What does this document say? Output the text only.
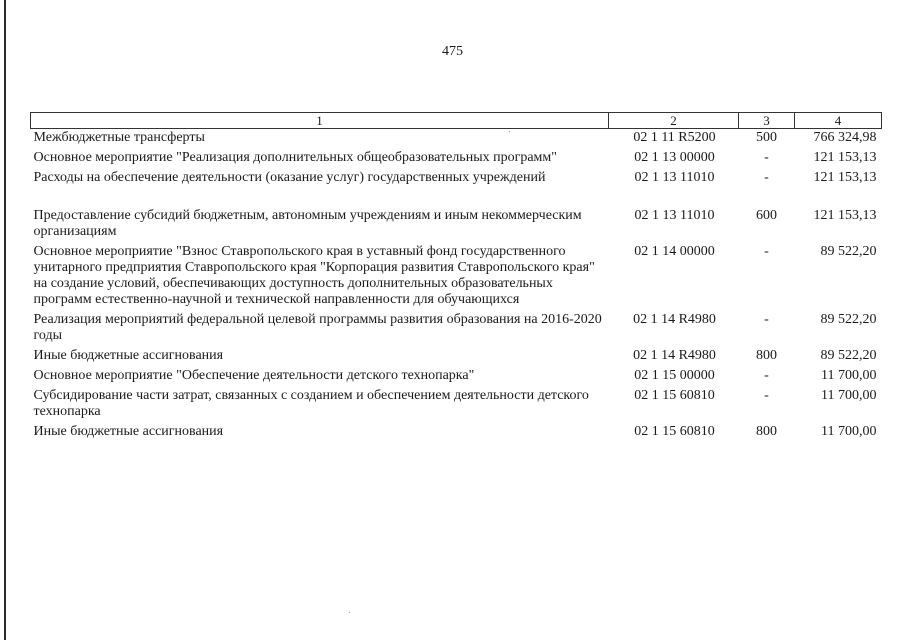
475
1	2	3	4
Межбюджетные трансферты	02 1 11 R5200	500	766 324,98
Основное мероприятие "Реализация дополнительных общеобразовательных программ"	02 1 13 00000	-	121 153,13
Расходы на обеспечение деятельности (оказание услуг) государственных учреждений	02 1 13 11010	-	121 153,13
Предоставление субсидий бюджетным, автономным учреждениям и иным некоммерческим организациям	02 1 13 11010	600	121 153,13
Основное мероприятие "Взнос Ставропольского края в уставный фонд государственного унитарного предприятия Ставропольского края "Корпорация развития Ставропольского края" на создание условий, обеспечивающих доступность дополнительных образовательных программ естественно-научной и технической направленности для обучающихся	02 1 14 00000	-	89 522,20
Реализация мероприятий федеральной целевой программы развития образования на 2016-2020 годы	02 1 14 R4980	-	89 522,20
Иные бюджетные ассигнования	02 1 14 R4980	800	89 522,20
Основное мероприятие "Обеспечение деятельности детского технопарка"	02 1 15 00000	-	11 700,00
Субсидирование части затрат, связанных с созданием и обеспечением деятельности детского технопарка	02 1 15 60810	-	11 700,00
Иные бюджетные ассигнования	02 1 15 60810	800	11 700,00
